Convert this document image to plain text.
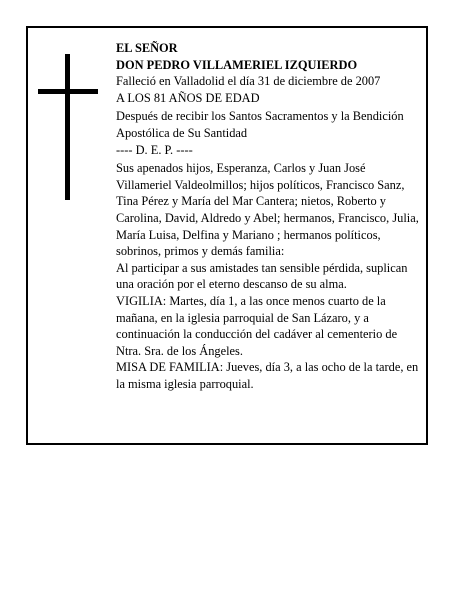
EL SEÑOR

DON PEDRO VILLAMERIEL IZQUIERDO

Falleció en Valladolid el día 31 de diciembre de 2007

A LOS 81 AÑOS DE EDAD

Después de recibir los Santos Sacramentos y la Bendición Apostólica de Su Santidad

---- D. E. P. ----

Sus apenados hijos, Esperanza, Carlos y Juan José Villameriel Valdeolmillos; hijos políticos, Francisco Sanz, Tina Pérez y María del Mar Cantera; nietos, Roberto y Carolina, David, Aldredo y Abel; hermanos, Francisco, Julia, María Luisa, Delfina y Mariano ; hermanos políticos, sobrinos, primos y demás familia:

Al participar a sus amistades tan sensible pérdida, suplican una oración por el eterno descanso de su alma.

VIGILIA: Martes, día 1, a las once menos cuarto de la mañana, en la iglesia parroquial de San Lázaro, y a continuación la conducción del cadáver al cementerio de Ntra. Sra. de los Ángeles.

MISA DE FAMILIA: Jueves, día 3, a las ocho de la tarde, en la misma iglesia parroquial.
